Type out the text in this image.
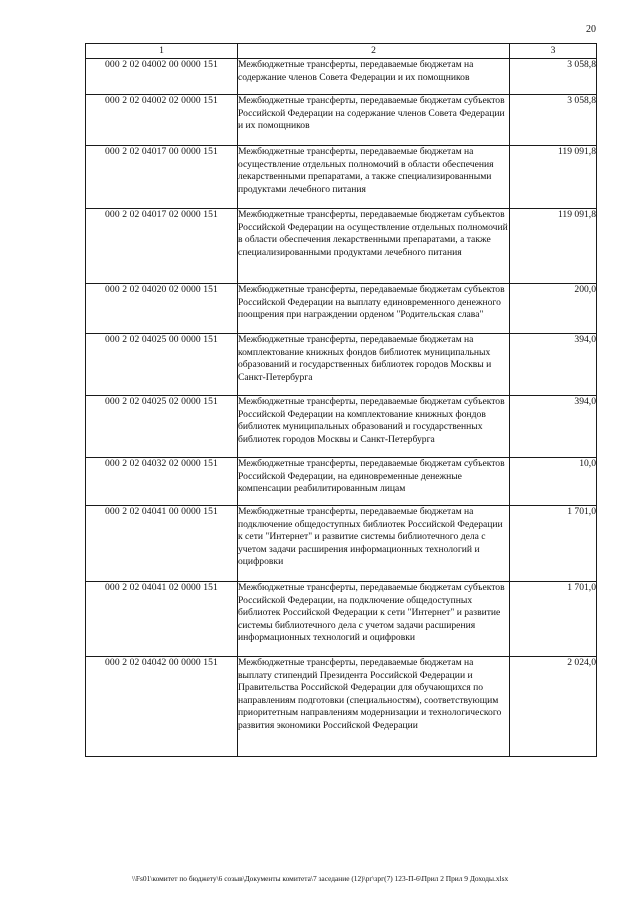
20
1	2	3
000 2 02 04002 00 0000 151	Межбюджетные трансферты, передаваемые бюджетам на содержание членов Совета Федерации и их помощников	3 058,8
000 2 02 04002 02 0000 151	Межбюджетные трансферты, передаваемые бюджетам субъектов Российской Федерации на содержание членов Совета Федерации и их помощников	3 058,8
000 2 02 04017 00 0000 151	Межбюджетные трансферты, передаваемые бюджетам на осуществление отдельных полномочий в области обеспечения лекарственными препаратами, а также специализированными продуктами лечебного питания	119 091,8
000 2 02 04017 02 0000 151	Межбюджетные трансферты, передаваемые бюджетам субъектов Российской Федерации на осуществление отдельных полномочий в области обеспечения лекарственными препаратами, а также специализированными продуктами лечебного питания	119 091,8
000 2 02 04020 02 0000 151	Межбюджетные трансферты, передаваемые бюджетам субъектов Российской Федерации на выплату единовременного денежного поощрения при награждении орденом "Родительская слава"	200,0
000 2 02 04025 00 0000 151	Межбюджетные трансферты, передаваемые бюджетам на комплектование книжных фондов библиотек муниципальных образований и государственных библиотек городов Москвы и Санкт-Петербурга	394,0
000 2 02 04025 02 0000 151	Межбюджетные трансферты, передаваемые бюджетам субъектов Российской Федерации на комплектование книжных фондов библиотек муниципальных образований и государственных библиотек городов Москвы и Санкт-Петербурга	394,0
000 2 02 04032 02 0000 151	Межбюджетные трансферты, передаваемые бюджетам субъектов Российской Федерации, на единовременные денежные компенсации реабилитированным лицам	10,0
000 2 02 04041 00 0000 151	Межбюджетные трансферты, передаваемые бюджетам на подключение общедоступных библиотек Российской Федерации к сети "Интернет" и развитие системы библиотечного дела с учетом задачи расширения информационных технологий и оцифровки	1 701,0
000 2 02 04041 02 0000 151	Межбюджетные трансферты, передаваемые бюджетам субъектов Российской Федерации, на подключение общедоступных библиотек Российской Федерации к сети "Интернет" и развитие системы библиотечного дела с учетом задачи расширения информационных технологий и оцифровки	1 701,0
000 2 02 04042 00 0000 151	Межбюджетные трансферты, передаваемые бюджетам на выплату стипендий Президента Российской Федерации и Правительства Российской Федерации для обучающихся по направлениям подготовки (специальностям), соответствующим приоритетным направлениям модернизации и технологического развития экономики Российской Федерации	2 024,0
\\Fs01\комитет по бюджету\6 созыв\Документы комитета\7 заседание (12)\рг\зрг(7) 123-П-6\Прил 2 Прил 9 Доходы.xlsx
